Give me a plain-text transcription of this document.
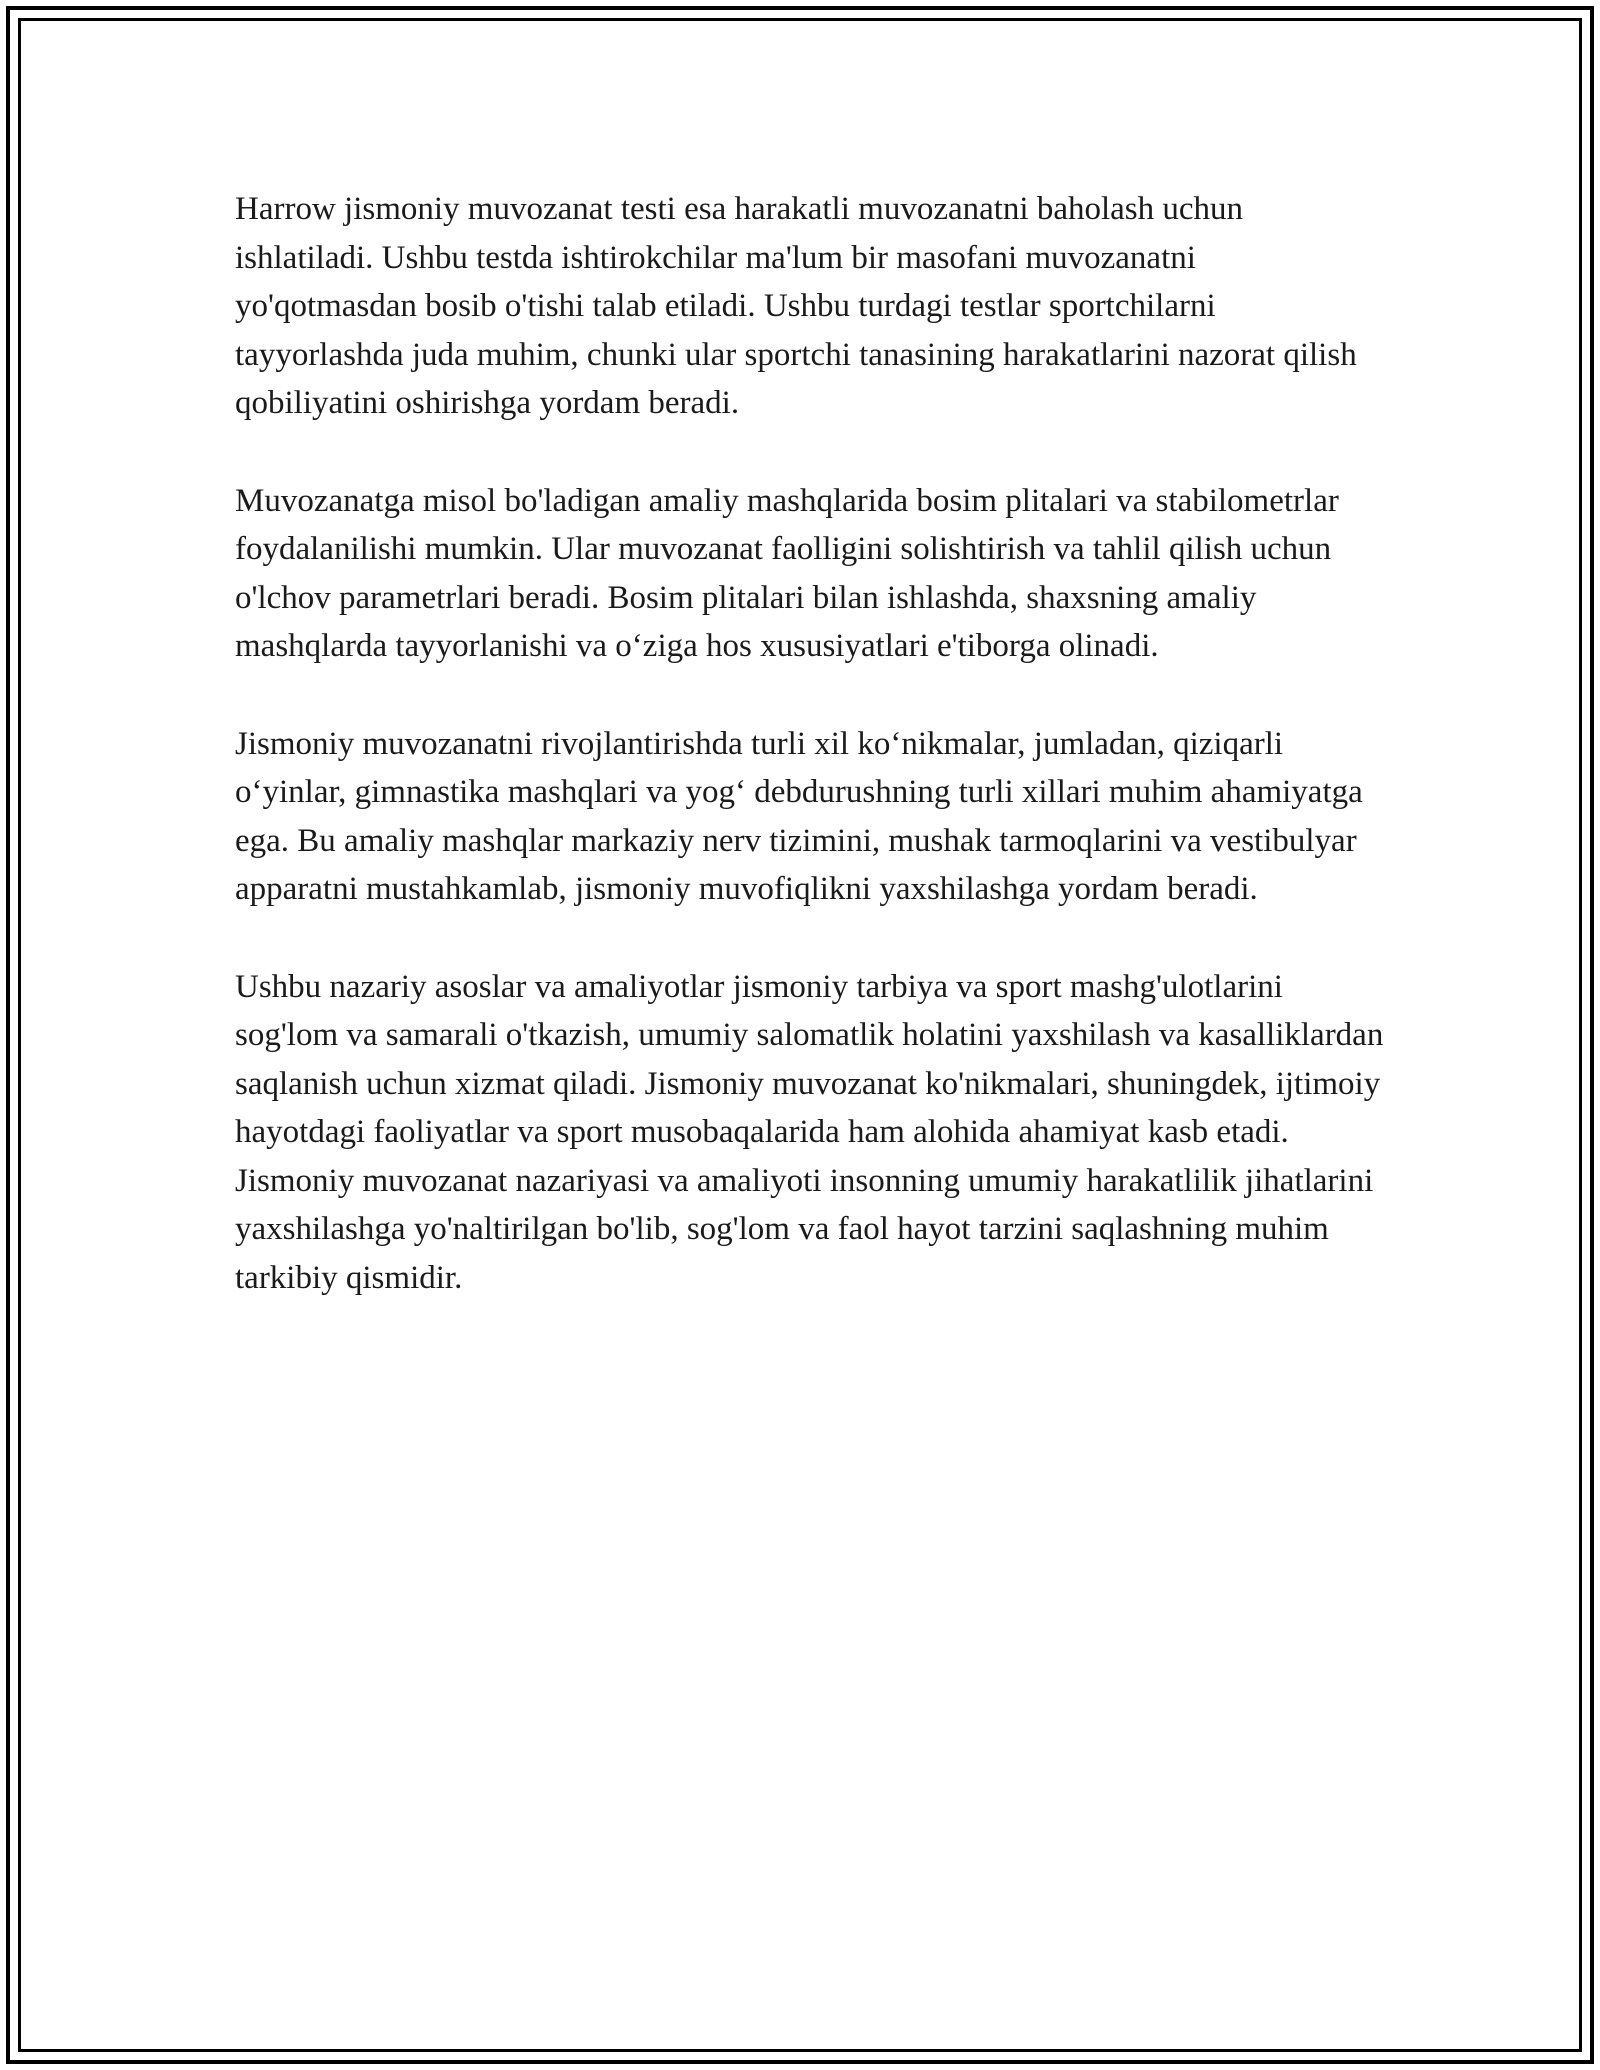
Harrow jismoniy muvozanat testi esa harakatli muvozanatni baholash uchun ishlatiladi. Ushbu testda ishtirokchilar ma'lum bir masofani muvozanatni yo'qotmasdan bosib o'tishi talab etiladi. Ushbu turdagi testlar sportchilarni tayyorlashda juda muhim, chunki ular sportchi tanasining harakatlarini nazorat qilish qobiliyatini oshirishga yordam beradi.

Muvozanatga misol bo'ladigan amaliy mashqlarida bosim plitalari va stabilometrlar foydalanilishi mumkin. Ular muvozanat faolligini solishtirish va tahlil qilish uchun o'lchov parametrlari beradi. Bosim plitalari bilan ishlashda, shaxsning amaliy mashqlarda tayyorlanishi va o‘ziga hos xususiyatlari e'tiborga olinadi.

Jismoniy muvozanatni rivojlantirishda turli xil ko‘nikmalar, jumladan, qiziqarli o‘yinlar, gimnastika mashqlari va yog‘ debdurushning turli xillari muhim ahamiyatga ega. Bu amaliy mashqlar markaziy nerv tizimini, mushak tarmoqlarini va vestibulyar apparatni mustahkamlab, jismoniy muvofiqlikni yaxshilashga yordam beradi.

Ushbu nazariy asoslar va amaliyotlar jismoniy tarbiya va sport mashg'ulotlarini sog'lom va samarali o'tkazish, umumiy salomatlik holatini yaxshilash va kasalliklardan saqlanish uchun xizmat qiladi. Jismoniy muvozanat ko'nikmalari, shuningdek, ijtimoiy hayotdagi faoliyatlar va sport musobaqalarida ham alohida ahamiyat kasb etadi. Jismoniy muvozanat nazariyasi va amaliyoti insonning umumiy harakatlilik jihatlarini yaxshilashga yo'naltirilgan bo'lib, sog'lom va faol hayot tarzini saqlashning muhim tarkibiy qismidir.
